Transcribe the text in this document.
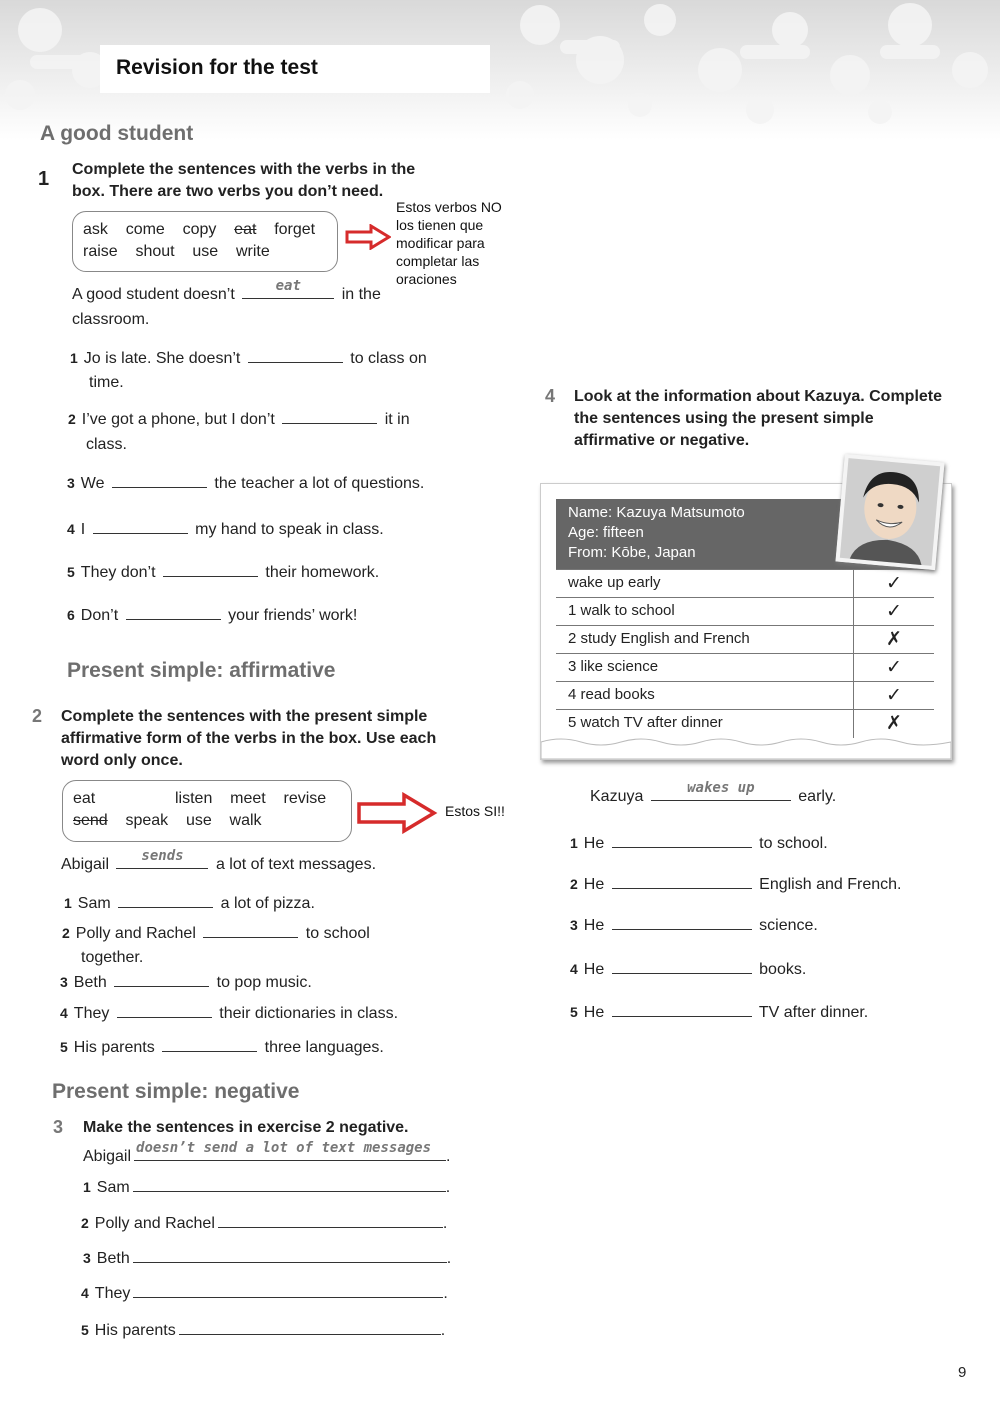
Revision for the test
A good student
1 Complete the sentences with the verbs in the
box. There are two verbs you don’t need.
ask come copy eat forget
raise shout use write
Estos verbos NO
los tienen que
modificar para
completar las
oraciones
A good student doesn’t	eat	in the
classroom.
1 Jo is late. She doesn’t	to class on
time.
2 I’ve got a phone, but I don’t	it in
class.
3 We	the teacher a lot of questions.
4 I	my hand to speak in class.
5 They don’t	their homework.
6 Don’t	your friends’ work!
Present simple: affirmative
2 Complete the sentences with the present simple
affirmative form of the verbs in the box. Use each
word only once.
eat	listen meet revise
send speak use walk
Estos SI!!
Abigail	sends	a lot of text messages.
1 Sam	a lot of pizza.
2 Polly and Rachel	to school
together.
3 Beth	to pop music.
4 They	their dictionaries in class.
5 His parents	three languages.
Present simple: negative
3 Make the sentences in exercise 2 negative.
Abigail doesn’t send a lot of text messages .
1 Sam	.
2 Polly and Rachel	.
3 Beth	.
4 They	.
5 His parents	.
4 Look at the information about Kazuya. Complete
the sentences using the present simple
affirmative or negative.
Name: Kazuya Matsumoto
Age: fifteen
From: Kōbe, Japan
wake up early	✓
1 walk to school	✓
2 study English and French	✗
3 like science	✓
4 read books	✓
5 watch TV after dinner	✗
Kazuya	wakes up	early.
1 He	to school.
2 He	English and French.
3 He	science.
4 He	books.
5 He	TV after dinner.
9
